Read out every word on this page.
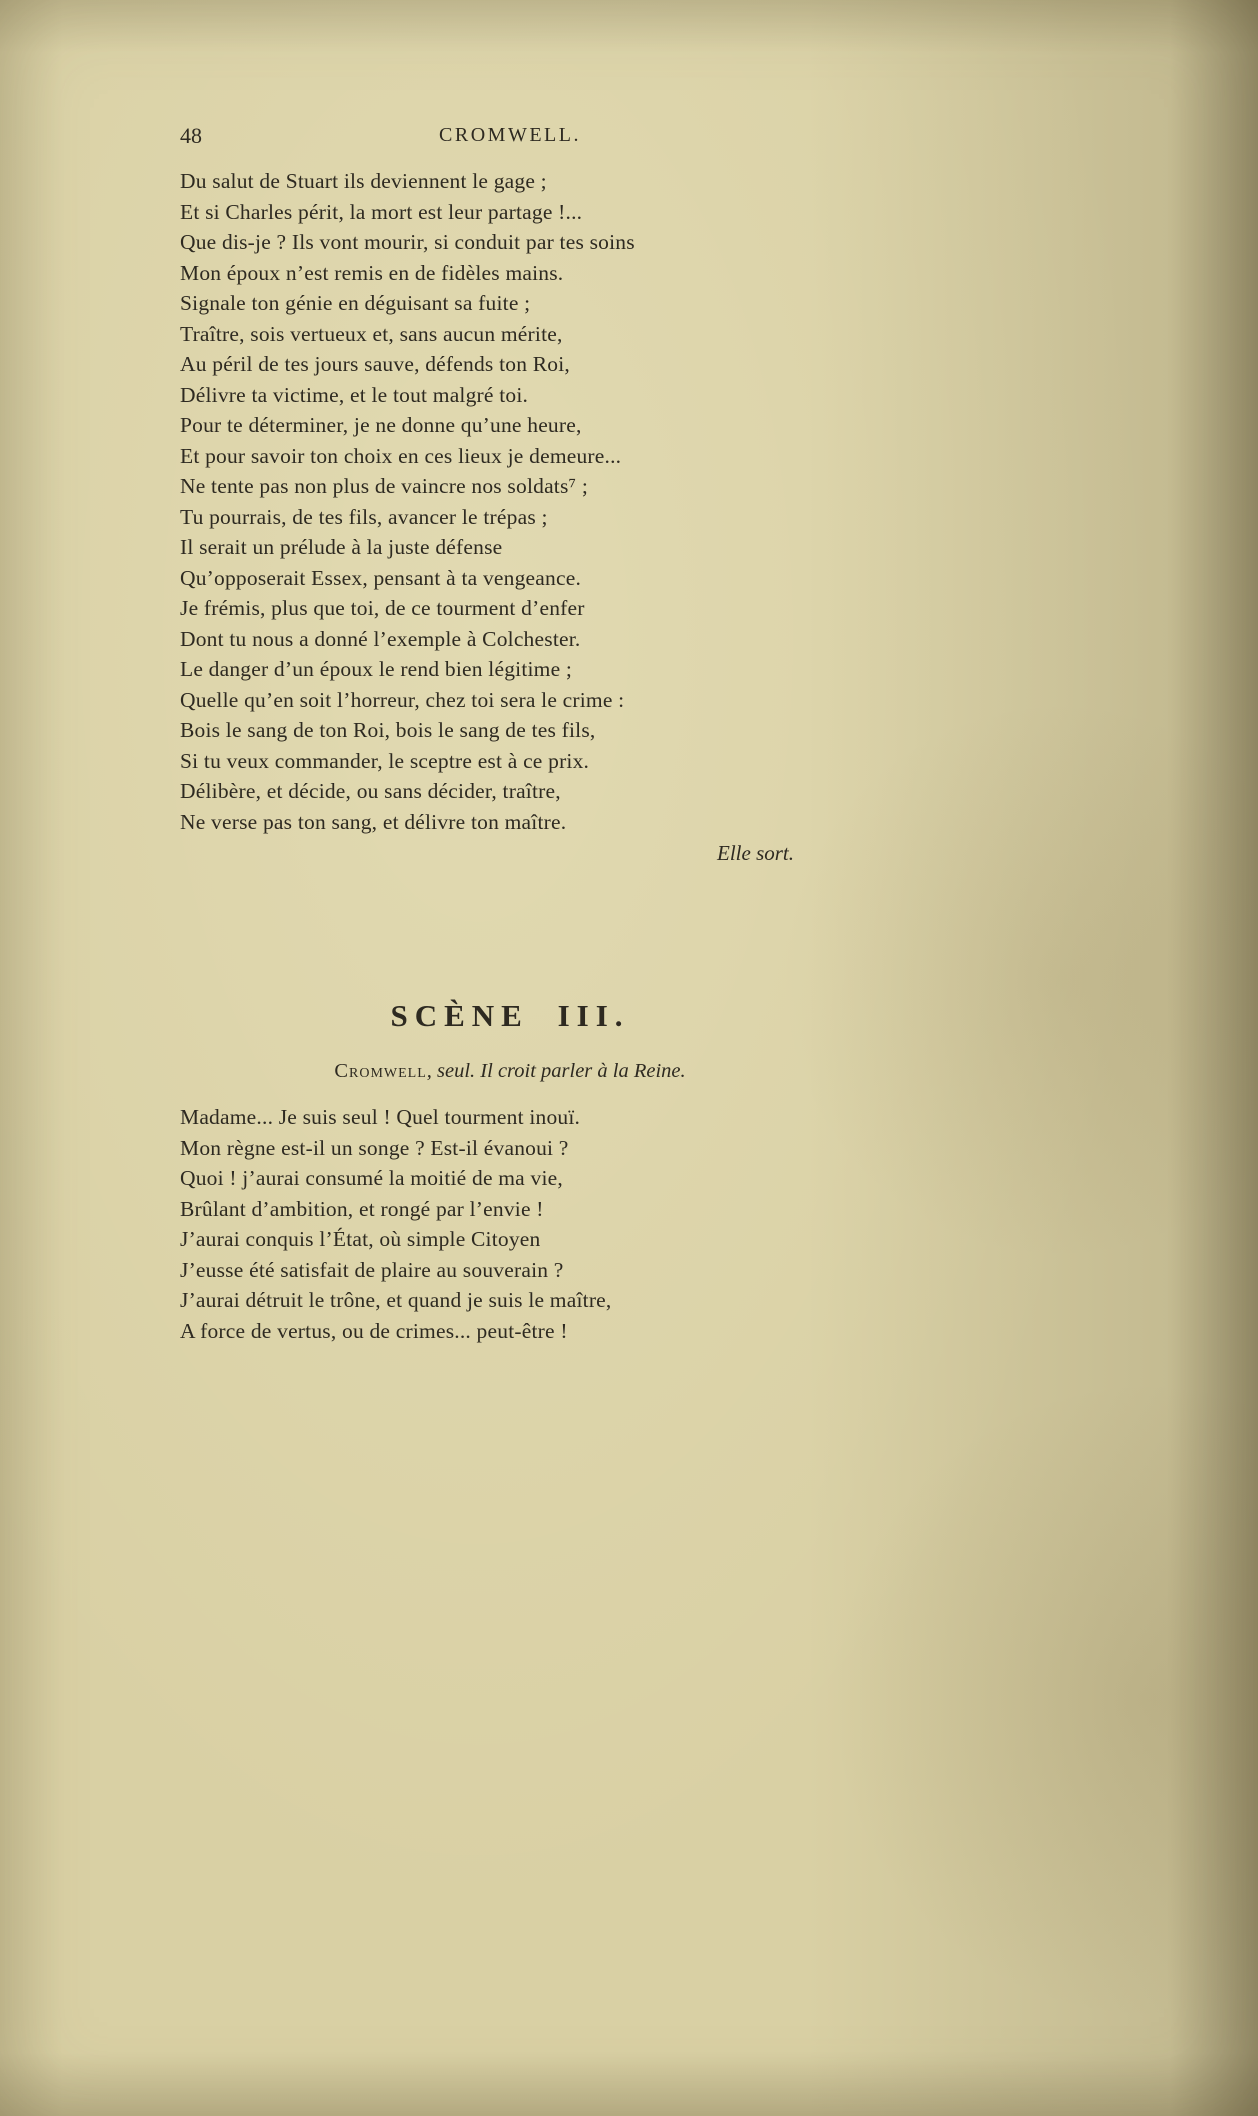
48	CROMWELL.
Du salut de Stuart ils deviennent le gage ;
Et si Charles périt, la mort est leur partage !...
Que dis-je ? Ils vont mourir, si conduit par tes soins
Mon époux n’est remis en de fidèles mains.
Signale ton génie en déguisant sa fuite ;
Traître, sois vertueux et, sans aucun mérite,
Au péril de tes jours sauve, défends ton Roi,
Délivre ta victime, et le tout malgré toi.
Pour te déterminer, je ne donne qu’une heure,
Et pour savoir ton choix en ces lieux je demeure...
Ne tente pas non plus de vaincre nos soldats⁷ ;
Tu pourrais, de tes fils, avancer le trépas ;
Il serait un prélude à la juste défense
Qu’opposerait Essex, pensant à ta vengeance.
Je frémis, plus que toi, de ce tourment d’enfer
Dont tu nous a donné l’exemple à Colchester.
Le danger d’un époux le rend bien légitime ;
Quelle qu’en soit l’horreur, chez toi sera le crime :
Bois le sang de ton Roi, bois le sang de tes fils,
Si tu veux commander, le sceptre est à ce prix.
Délibère, et décide, ou sans décider, traître,
Ne verse pas ton sang, et délivre ton maître.
Elle sort.
SCÈNE III.
Cromwell, seul. Il croit parler à la Reine.
Madame... Je suis seul ! Quel tourment inouï.
Mon règne est-il un songe ? Est-il évanoui ?
Quoi ! j’aurai consumé la moitié de ma vie,
Brûlant d’ambition, et rongé par l’envie !
J’aurai conquis l’État, où simple Citoyen
J’eusse été satisfait de plaire au souverain ?
J’aurai détruit le trône, et quand je suis le maître,
A force de vertus, ou de crimes... peut-être !
